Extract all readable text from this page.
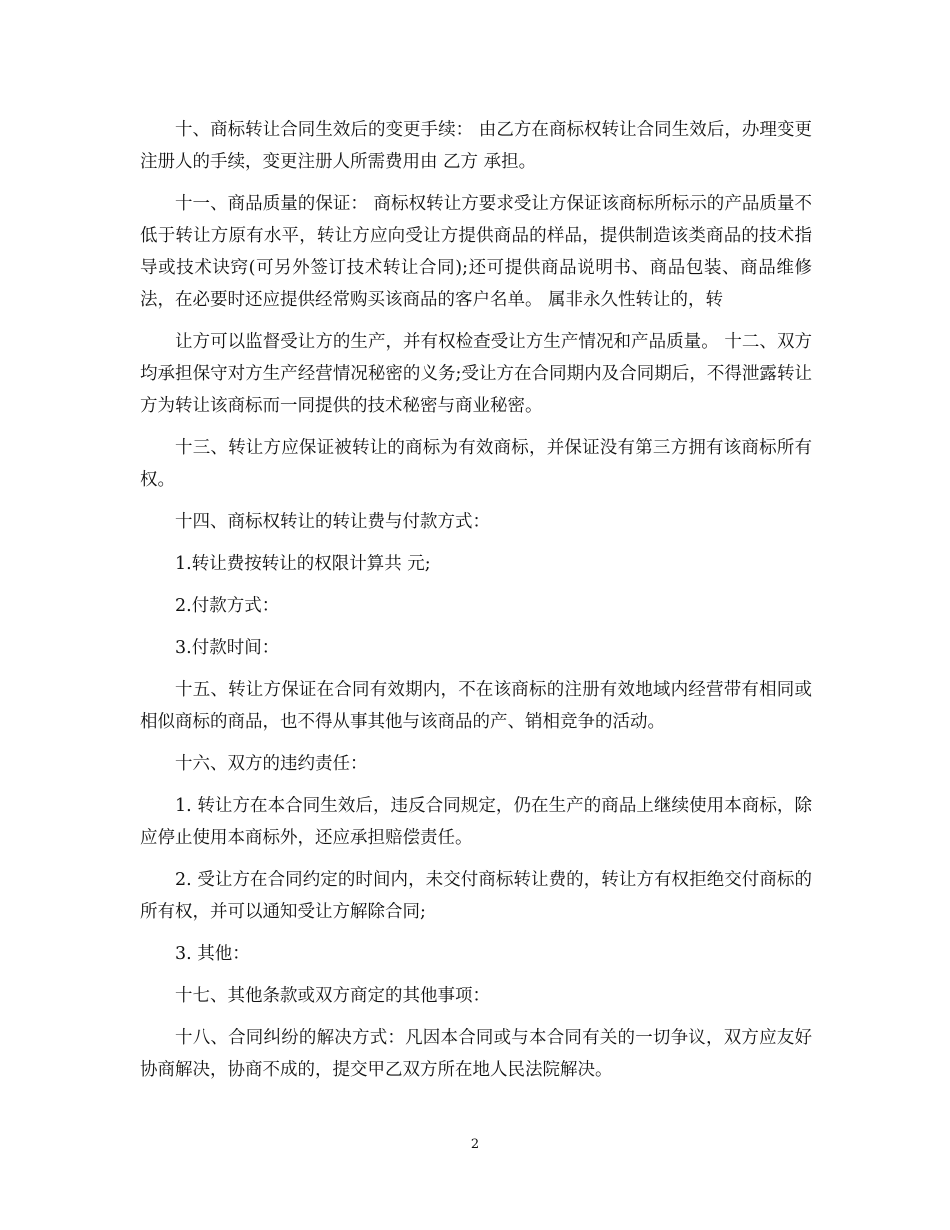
十、商标转让合同生效后的变更手续： 由乙方在商标权转让合同生效后，办理变更注册人的手续，变更注册人所需费用由 乙方 承担。

十一、商品质量的保证： 商标权转让方要求受让方保证该商标所标示的产品质量不低于转让方原有水平，转让方应向受让方提供商品的样品，提供制造该类商品的技术指导或技术诀窍(可另外签订技术转让合同);还可提供商品说明书、商品包装、商品维修法，在必要时还应提供经常购买该商品的客户名单。 属非永久性转让的，转

让方可以监督受让方的生产，并有权检查受让方生产情况和产品质量。 十二、双方均承担保守对方生产经营情况秘密的义务;受让方在合同期内及合同期后，不得泄露转让方为转让该商标而一同提供的技术秘密与商业秘密。

十三、转让方应保证被转让的商标为有效商标，并保证没有第三方拥有该商标所有权。

十四、商标权转让的转让费与付款方式：

1.转让费按转让的权限计算共 元;

2.付款方式：

3.付款时间：

十五、转让方保证在合同有效期内，不在该商标的注册有效地域内经营带有相同或相似商标的商品，也不得从事其他与该商品的产、销相竞争的活动。

十六、双方的违约责任：

1. 转让方在本合同生效后，违反合同规定，仍在生产的商品上继续使用本商标，除应停止使用本商标外，还应承担赔偿责任。

2. 受让方在合同约定的时间内，未交付商标转让费的，转让方有权拒绝交付商标的所有权，并可以通知受让方解除合同;

3. 其他：

十七、其他条款或双方商定的其他事项：

十八、合同纠纷的解决方式：凡因本合同或与本合同有关的一切争议，双方应友好协商解决，协商不成的，提交甲乙双方所在地人民法院解决。

2
